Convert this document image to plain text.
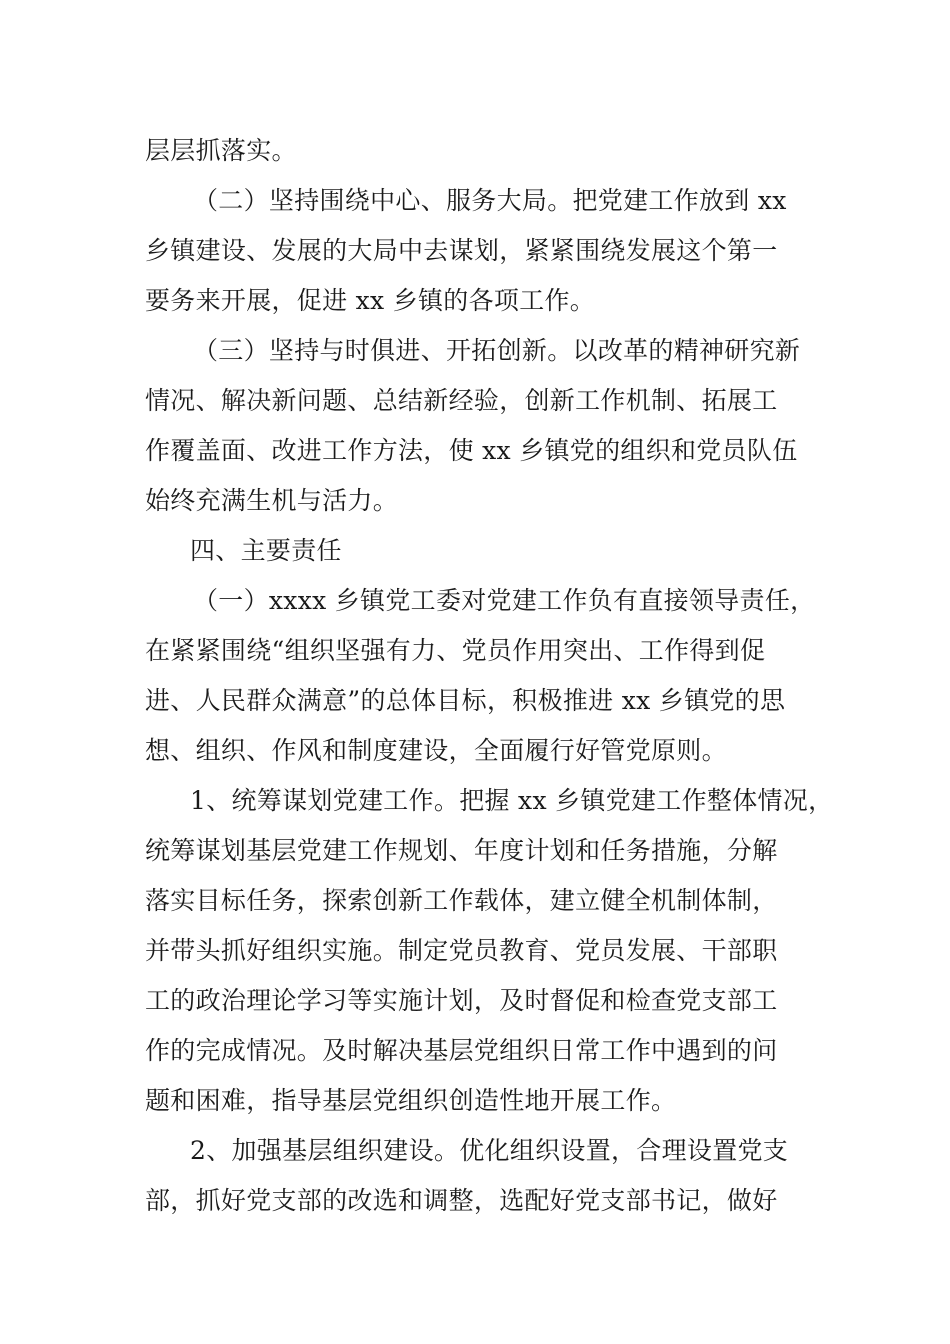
层层抓落实。
（二）坚持围绕中心、服务大局。把党建工作放到 xx
乡镇建设、发展的大局中去谋划，紧紧围绕发展这个第一
要务来开展，促进 xx 乡镇的各项工作。
（三）坚持与时俱进、开拓创新。以改革的精神研究新
情况、解决新问题、总结新经验，创新工作机制、拓展工
作覆盖面、改进工作方法，使 xx 乡镇党的组织和党员队伍
始终充满生机与活力。
四、主要责任
（一）xxxx 乡镇党工委对党建工作负有直接领导责任，
在紧紧围绕“组织坚强有力、党员作用突出、工作得到促
进、人民群众满意”的总体目标，积极推进 xx 乡镇党的思
想、组织、作风和制度建设，全面履行好管党原则。
1、统筹谋划党建工作。把握 xx 乡镇党建工作整体情况，
统筹谋划基层党建工作规划、年度计划和任务措施，分解
落实目标任务，探索创新工作载体，建立健全机制体制，
并带头抓好组织实施。制定党员教育、党员发展、干部职
工的政治理论学习等实施计划，及时督促和检查党支部工
作的完成情况。及时解决基层党组织日常工作中遇到的问
题和困难，指导基层党组织创造性地开展工作。
2、加强基层组织建设。优化组织设置，合理设置党支
部，抓好党支部的改选和调整，选配好党支部书记，做好
